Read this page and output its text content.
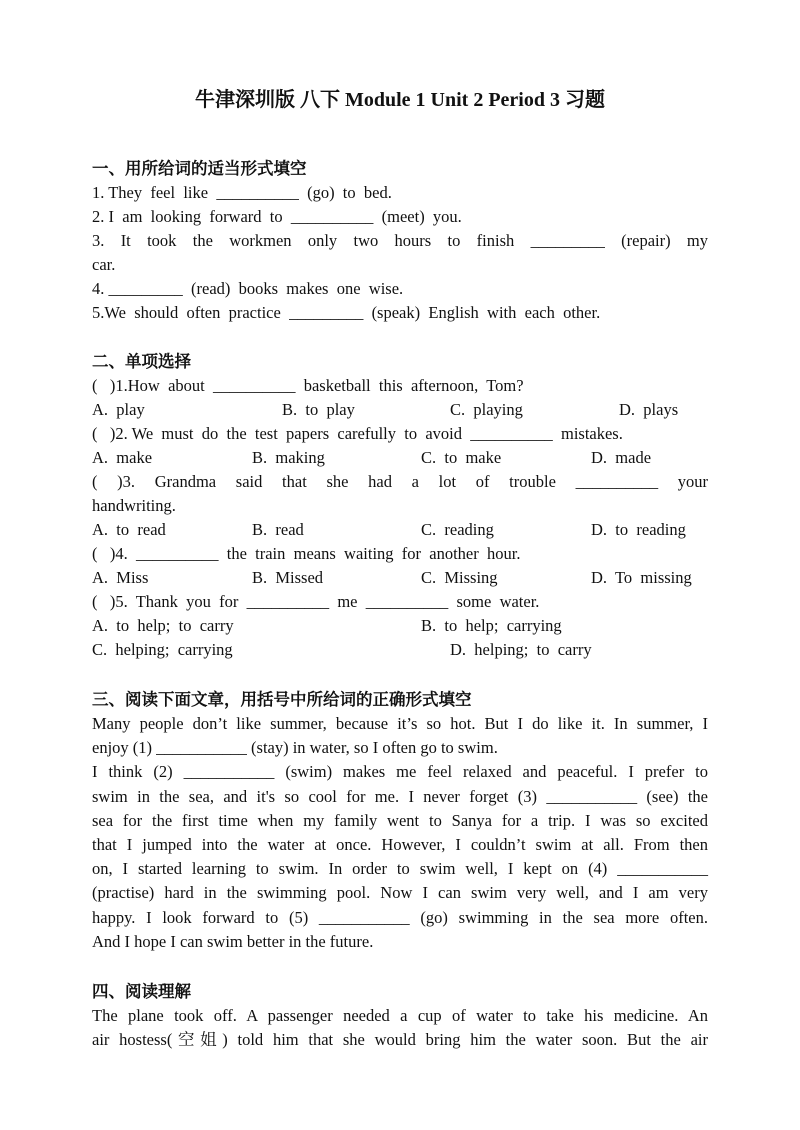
牛津深圳版 八下 Module 1 Unit 2 Period 3 习题
一、用所给词的适当形式填空
1. They  feel  like  __________  (go)  to  bed.
2. I  am  looking  forward  to  __________  (meet)  you.
3. It took the workmen only two hours to finish _________ (repair) my
car.
4. _________  (read)  books  makes  one  wise.
5.We  should  often  practice  _________  (speak)  English  with  each  other.
二、单项选择
(   )1.How  about  __________  basketball  this  afternoon,  Tom?
A.  play	B.  to  play	C.  playing	D.  plays
(   )2. We  must  do  the  test  papers  carefully  to  avoid  __________  mistakes.
A.  make	B.  making	C.  to  make	D.  made
( )3. Grandma said that she had a lot of trouble __________ your
handwriting.
A.  to  read	B.  read	C.  reading	D.  to  reading
(   )4.  __________  the  train  means  waiting  for  another  hour.
A.  Miss	B.  Missed	C.  Missing	D.  To  missing
(   )5.  Thank  you  for  __________  me  __________  some  water.
A.  to  help;  to  carry	B.  to  help;  carrying
C.  helping;  carrying	D.  helping;  to  carry
三、阅读下面文章，用括号中所给词的正确形式填空
Many people don’t like summer, because it’s so hot. But I do like it. In summer, I
enjoy (1) ___________ (stay) in water, so I often go to swim.
I think (2) ___________ (swim) makes me feel relaxed and peaceful. I prefer to
swim in the sea, and it's so cool for me. I never forget (3) ___________ (see) the
sea for the first time when my family went to Sanya for a trip. I was so excited
that I jumped into the water at once. However, I couldn’t swim at all. From then
on, I started learning to swim. In order to swim well, I kept on (4) ___________
(practise) hard in the swimming pool. Now I can swim very well, and I am very
happy. I look forward to (5) ___________ (go) swimming in the sea more often.
And I hope I can swim better in the future.
四、阅读理解
The plane took off. A passenger needed a cup of water to take his medicine. An
air hostess(空姐) told him that she would bring him the water soon. But the air
